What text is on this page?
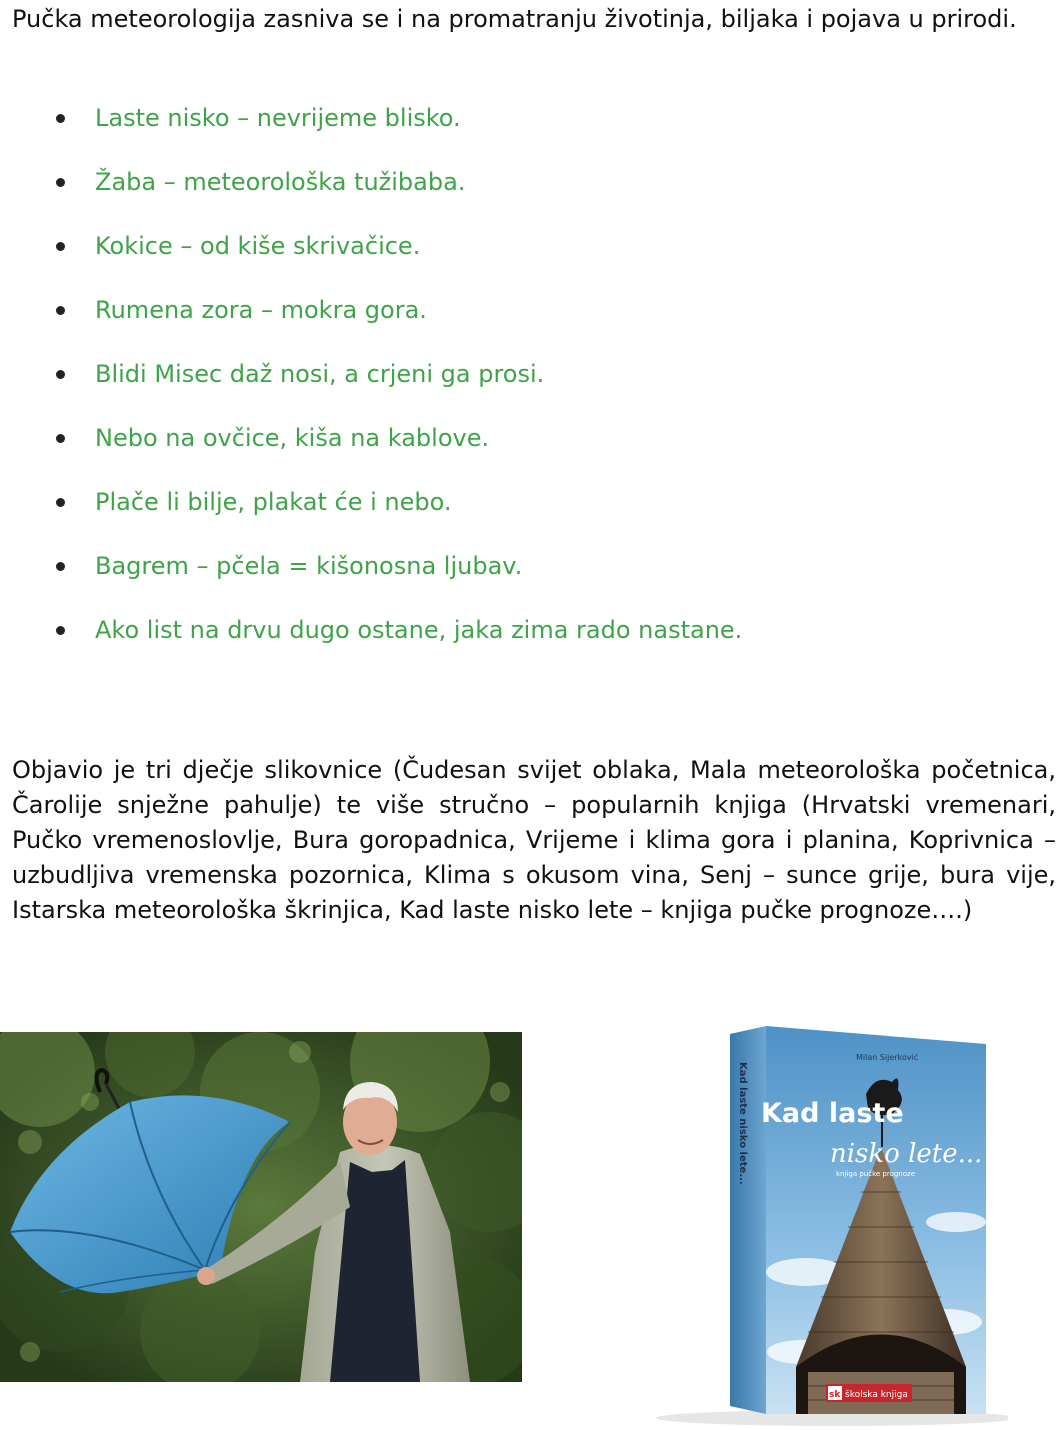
Pučka meteorologija zasniva se i na promatranju životinja, biljaka i pojava u prirodi.

Laste nisko – nevrijeme blisko.
Žaba – meteorološka tužibaba.
Kokice – od kiše skrivačice.
Rumena zora – mokra gora.
Blidi Misec daž nosi, a crjeni ga prosi.
Nebo na ovčice, kiša na kablove.
Plače li bilje, plakat će i nebo.
Bagrem – pčela = kišonosna ljubav.
Ako list na drvu dugo ostane, jaka zima rado nastane.

Objavio je tri dječje slikovnice (Čudesan svijet oblaka, Mala meteorološka početnica, Čarolije snježne pahulje) te više stručno – popularnih knjiga (Hrvatski vremenari, Pučko vremenoslovlje, Bura goropadnica, Vrijeme i klima gora i planina, Koprivnica – uzbudljiva vremenska pozornica, Klima s okusom vina, Senj – sunce grije, bura vije, Istarska meteorološka škrinjica, Kad laste nisko lete – knjiga pučke prognoze….)

Milan Sijerković
Kad laste
nisko lete...
knjiga pučke prognoze
Kad laste nisko lete...
sk školska knjiga
